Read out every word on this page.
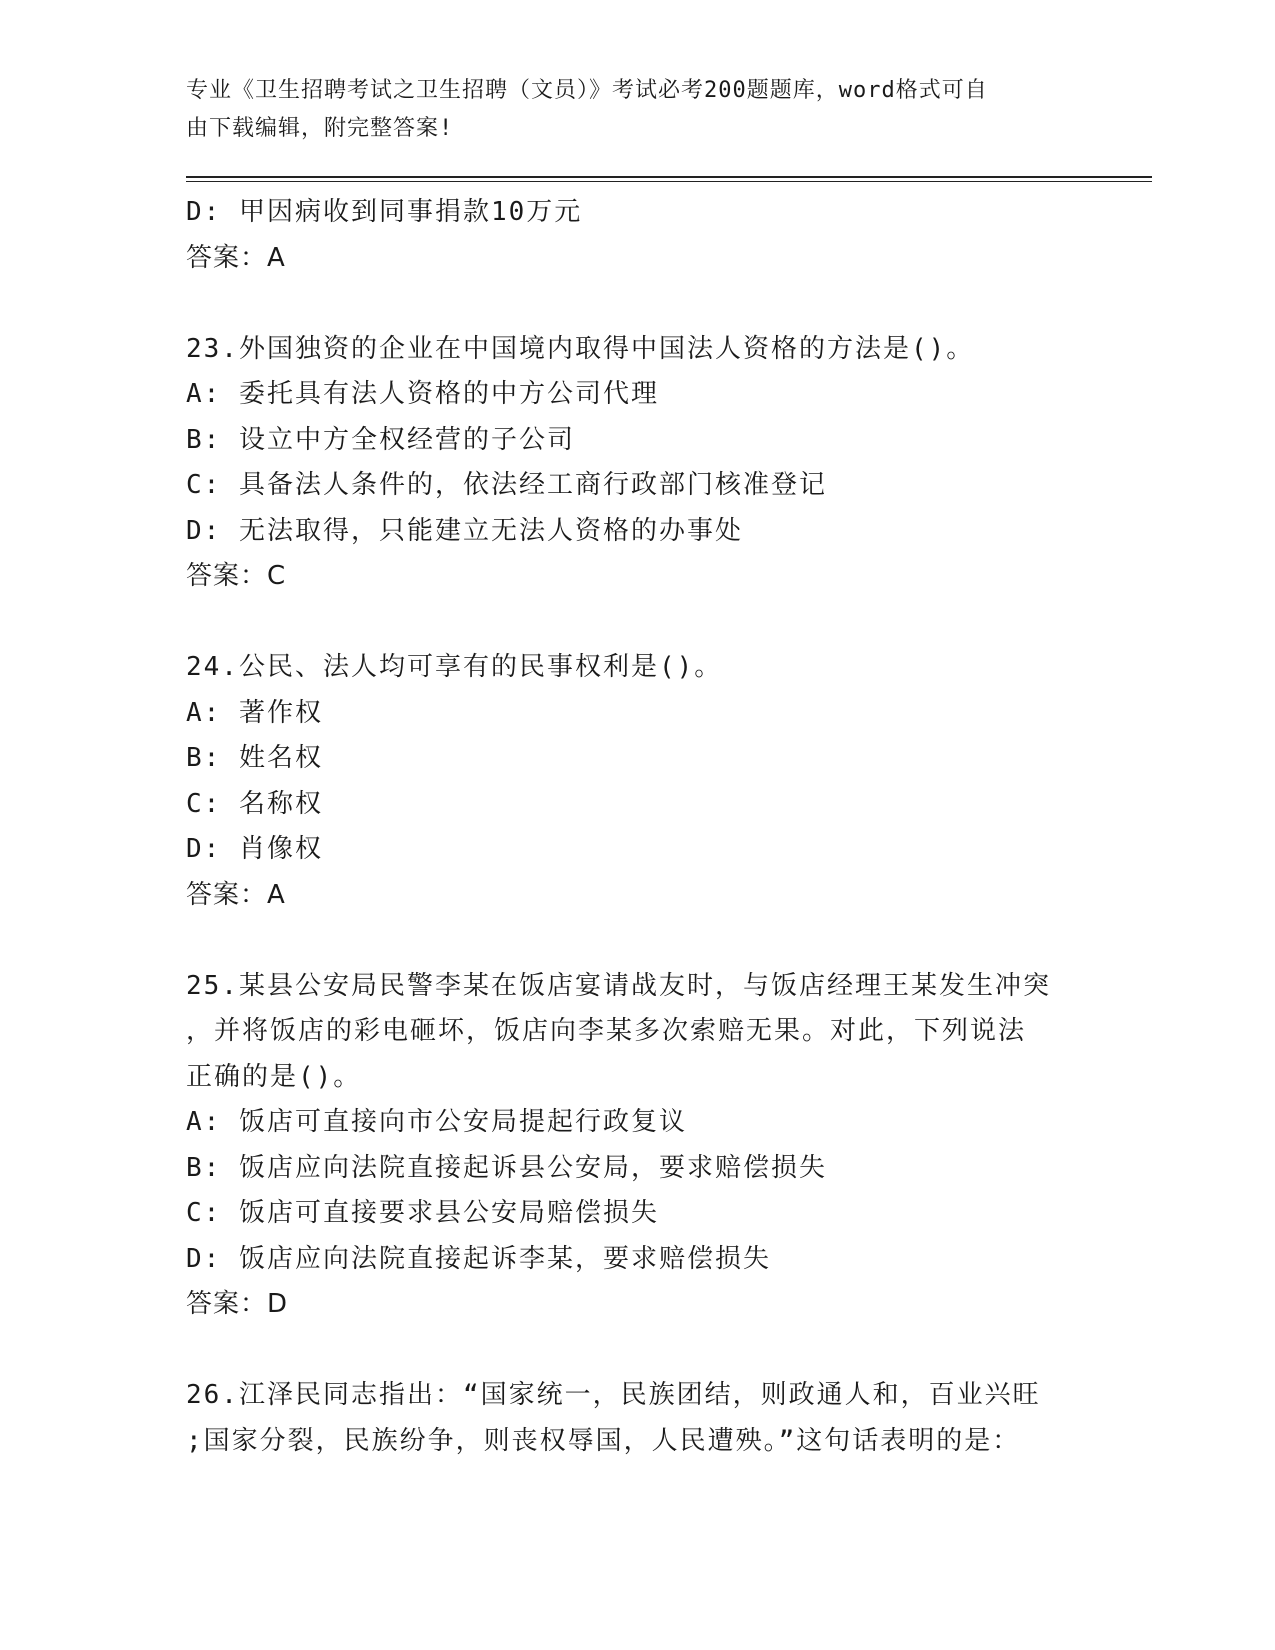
专业《卫生招聘考试之卫生招聘（文员）》考试必考200题题库，word格式可自
由下载编辑，附完整答案!
D: 甲因病收到同事捐款10万元
答案：A
23.外国独资的企业在中国境内取得中国法人资格的方法是()。
A: 委托具有法人资格的中方公司代理
B: 设立中方全权经营的子公司
C: 具备法人条件的，依法经工商行政部门核准登记
D: 无法取得，只能建立无法人资格的办事处
答案：C
24.公民、法人均可享有的民事权利是()。
A: 著作权
B: 姓名权
C: 名称权
D: 肖像权
答案：A
25.某县公安局民警李某在饭店宴请战友时，与饭店经理王某发生冲突
，并将饭店的彩电砸坏，饭店向李某多次索赔无果。对此，下列说法
正确的是()。
A: 饭店可直接向市公安局提起行政复议
B: 饭店应向法院直接起诉县公安局，要求赔偿损失
C: 饭店可直接要求县公安局赔偿损失
D: 饭店应向法院直接起诉李某，要求赔偿损失
答案：D
26.江泽民同志指出：“国家统一，民族团结，则政通人和，百业兴旺
;国家分裂，民族纷争，则丧权辱国，人民遭殃。”这句话表明的是：
